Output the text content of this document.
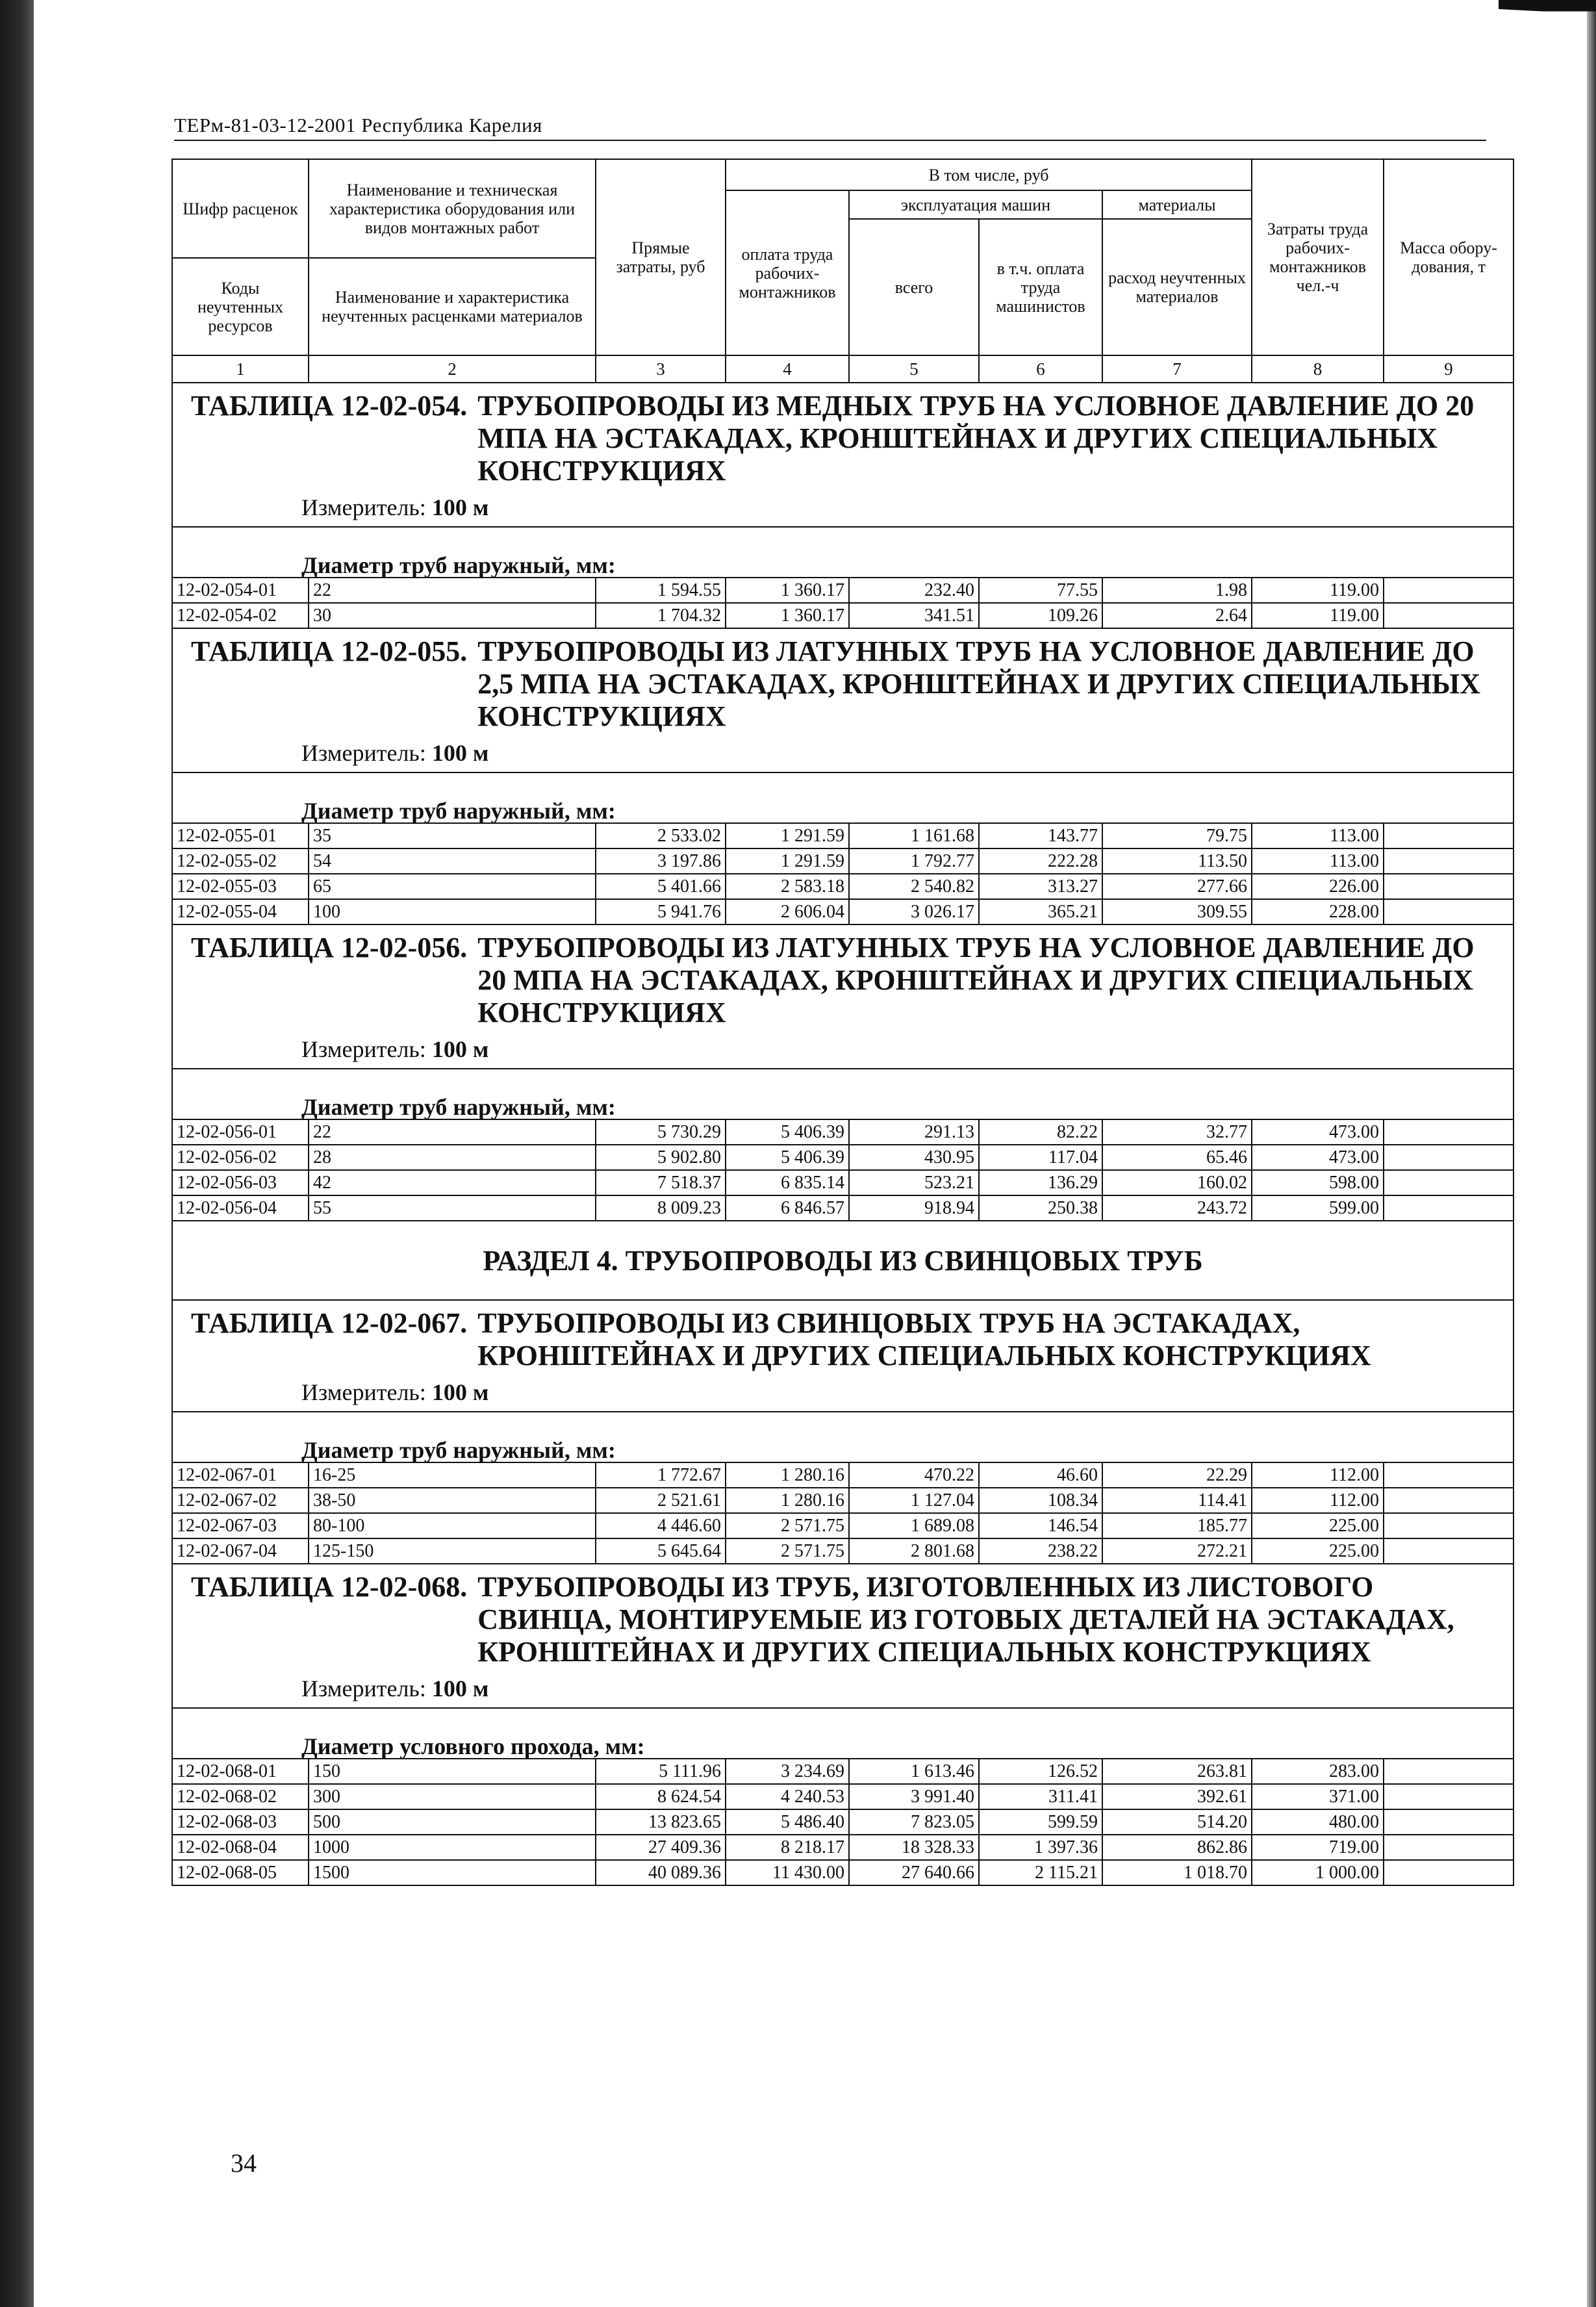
ТЕРм-81-03-12-2001 Республика Карелия
Шифр расценок	Наименование и техническая характеристика оборудования или видов монтажных работ	Прямые затраты, руб	В том числе, руб				Затраты труда рабочих-монтажников чел.-ч	Масса обору-дования, т
			оплата труда рабочих-монтажников	эксплуатация машин		материалы		
				всего	в т.ч. оплата труда машинистов	расход неучтенных материалов		
Коды неучтенных ресурсов	Наименование и характеристика неучтенных расценками материалов							

1	2	3	4	5	6	7	8	9

ТАБЛИЦА 12-02-054. ТРУБОПРОВОДЫ ИЗ МЕДНЫХ ТРУБ НА УСЛОВНОЕ ДАВЛЕНИЕ ДО 20 МПА НА ЭСТАКАДАХ, КРОНШТЕЙНАХ И ДРУГИХ СПЕЦИАЛЬНЫХ КОНСТРУКЦИЯХ								

Измеритель: 100 м								
Диаметр труб наружный, мм:								
12-02-054-01	22	1 594.55	1 360.17	232.40	77.55	1.98	119.00	
12-02-054-02	30	1 704.32	1 360.17	341.51	109.26	2.64	119.00	

ТАБЛИЦА 12-02-055. ТРУБОПРОВОДЫ ИЗ ЛАТУННЫХ ТРУБ НА УСЛОВНОЕ ДАВЛЕНИЕ ДО 2,5 МПА НА ЭСТАКАДАХ, КРОНШТЕЙНАХ И ДРУГИХ СПЕЦИАЛЬНЫХ КОНСТРУКЦИЯХ								

Измеритель: 100 м								
Диаметр труб наружный, мм:								
12-02-055-01	35	2 533.02	1 291.59	1 161.68	143.77	79.75	113.00	
12-02-055-02	54	3 197.86	1 291.59	1 792.77	222.28	113.50	113.00	
12-02-055-03	65	5 401.66	2 583.18	2 540.82	313.27	277.66	226.00	
12-02-055-04	100	5 941.76	2 606.04	3 026.17	365.21	309.55	228.00	

ТАБЛИЦА 12-02-056. ТРУБОПРОВОДЫ ИЗ ЛАТУННЫХ ТРУБ НА УСЛОВНОЕ ДАВЛЕНИЕ ДО 20 МПА НА ЭСТАКАДАХ, КРОНШТЕЙНАХ И ДРУГИХ СПЕЦИАЛЬНЫХ КОНСТРУКЦИЯХ								

Измеритель: 100 м								
Диаметр труб наружный, мм:								
12-02-056-01	22	5 730.29	5 406.39	291.13	82.22	32.77	473.00	
12-02-056-02	28	5 902.80	5 406.39	430.95	117.04	65.46	473.00	
12-02-056-03	42	7 518.37	6 835.14	523.21	136.29	160.02	598.00	
12-02-056-04	55	8 009.23	6 846.57	918.94	250.38	243.72	599.00	
РАЗДЕЛ 4. ТРУБОПРОВОДЫ ИЗ СВИНЦОВЫХ ТРУБ								

ТАБЛИЦА 12-02-067. ТРУБОПРОВОДЫ ИЗ СВИНЦОВЫХ ТРУБ НА ЭСТАКАДАХ, КРОНШТЕЙНАХ И ДРУГИХ СПЕЦИАЛЬНЫХ КОНСТРУКЦИЯХ								

Измеритель: 100 м								
Диаметр труб наружный, мм:								
12-02-067-01	16-25	1 772.67	1 280.16	470.22	46.60	22.29	112.00	
12-02-067-02	38-50	2 521.61	1 280.16	1 127.04	108.34	114.41	112.00	
12-02-067-03	80-100	4 446.60	2 571.75	1 689.08	146.54	185.77	225.00	
12-02-067-04	125-150	5 645.64	2 571.75	2 801.68	238.22	272.21	225.00	

ТАБЛИЦА 12-02-068. ТРУБОПРОВОДЫ ИЗ ТРУБ, ИЗГОТОВЛЕННЫХ ИЗ ЛИСТОВОГО СВИНЦА, МОНТИРУЕМЫЕ ИЗ ГОТОВЫХ ДЕТАЛЕЙ НА ЭСТАКАДАХ, КРОНШТЕЙНАХ И ДРУГИХ СПЕЦИАЛЬНЫХ КОНСТРУКЦИЯХ								

Измеритель: 100 м								
Диаметр условного прохода, мм:								
12-02-068-01	150	5 111.96	3 234.69	1 613.46	126.52	263.81	283.00	
12-02-068-02	300	8 624.54	4 240.53	3 991.40	311.41	392.61	371.00	
12-02-068-03	500	13 823.65	5 486.40	7 823.05	599.59	514.20	480.00	
12-02-068-04	1000	27 409.36	8 218.17	18 328.33	1 397.36	862.86	719.00	
12-02-068-05	1500	40 089.36	11 430.00	27 640.66	2 115.21	1 018.70	1 000.00	
34
